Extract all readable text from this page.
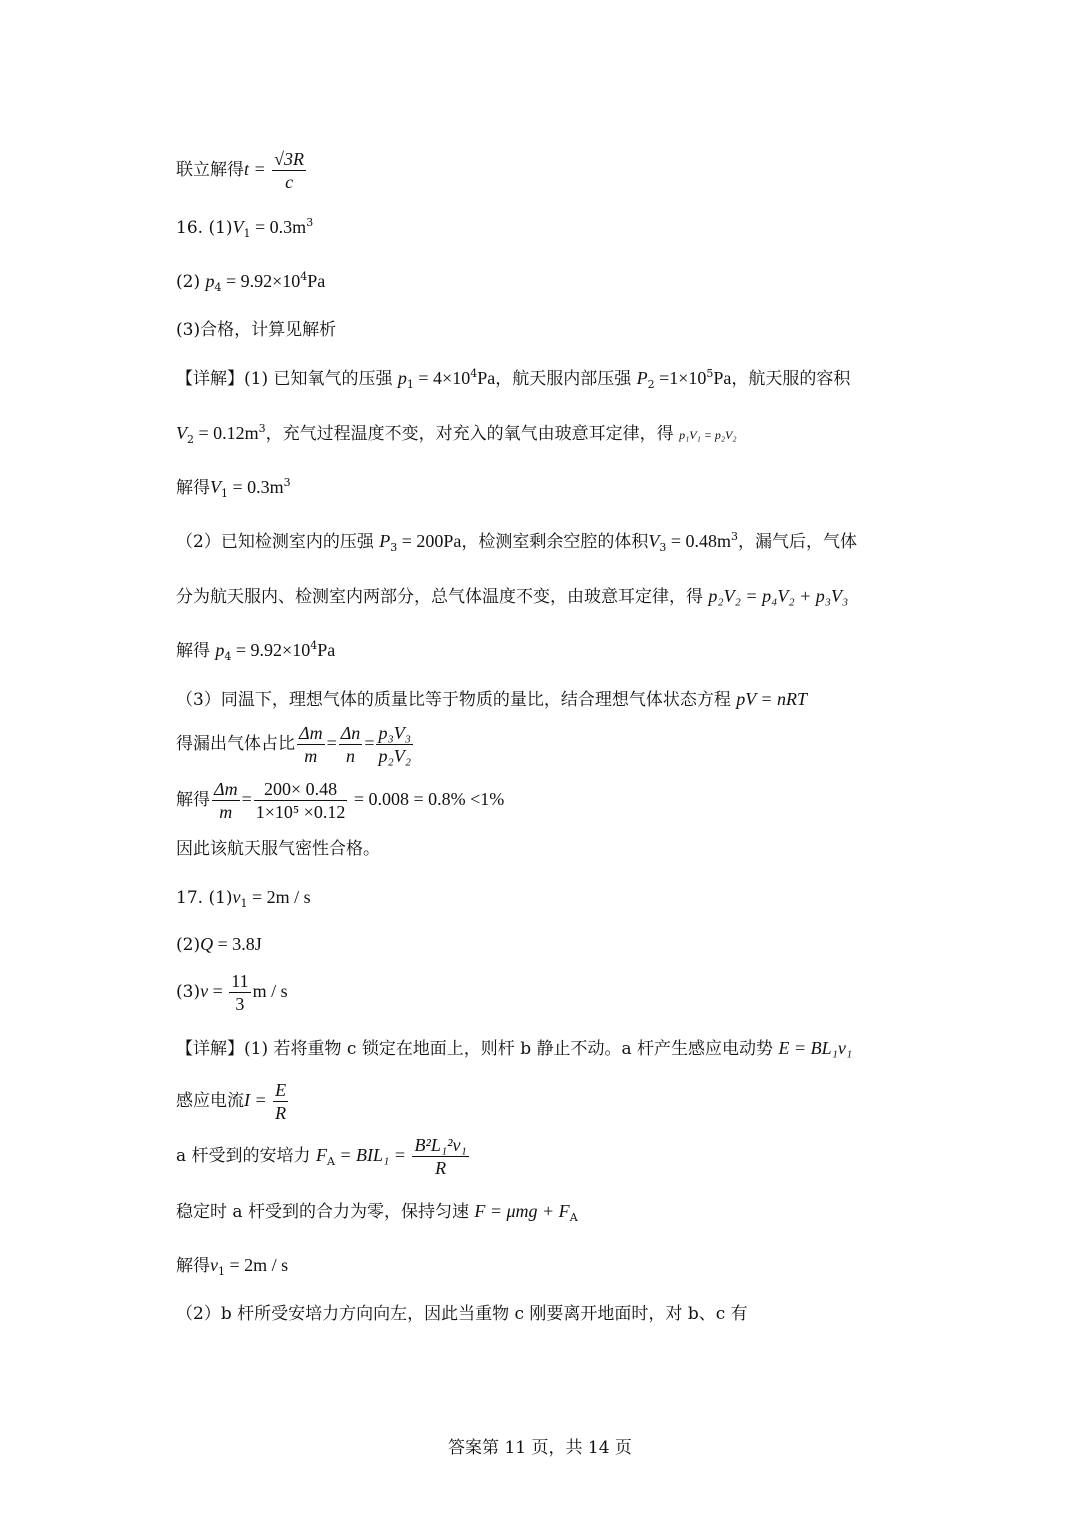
联立解得$t = \frac{√3R}{c}$
16. $(1)V_1 = 0.3m^3$
(2) $p_4 = 9.92\times 10^4Pa$
(3)合格，计算见解析
【详解】(1) 已知氧气的压强 $p_1 = 4\times 10^4Pa$，航天服内部压强 $P_2 =1\times 10^5Pa$，航天服的容积
$V_2 = 0.12m^3$，充气过程温度不变，对充入的氧气由玻意耳定律，得 p₁V₁ = p₂V₂
解得$V_1 = 0.3m^3$
（2）已知检测室内的压强 $P_3 = 200Pa$，检测室剩余空腔的体积$V_3 = 0.48m^3$，漏气后，气体
分为航天服内、检测室内两部分，总气体温度不变，由玻意耳定律，得 p₂V₂ = p₄V₂ + p₃V₃
解得 $p_4 = 9.92\times 10^4Pa$
（3）同温下，理想气体的质量比等于物质的量比，结合理想气体状态方程 pV = nRT
得漏出气体占比 $\frac{\Delta m}{m} = \frac{\Delta n}{n} = \frac{\text{p₃V₃}}{\text{p₂V₂}}$
解得 $\frac{\Delta m}{m} = \frac{200\times 0.48}{\text{1×10⁵ ×0.12}} = 0.008 = 0.8\% <1\%$
因此该航天服气密性合格。
17. $(1)v_1 = 2m / s$
(2)Q = 3.8J
$(3)v = \frac{11}{3}$ m / s
【详解】(1) 若将重物 c 锁定在地面上，则杆 b 静止不动。a 杆产生感应电动势 E = BL₁v₁
感应电流$I = \frac{E}{R}$
a 杆受到的安培力 $F_A = BIL_1 = \frac{\text{B²L₁²v₁}}{R}$
稳定时 a 杆受到的合力为零，保持匀速 $F = \mu mg + F_A$
解得$v_1 = 2m / s$
（2）b 杆所受安培力方向向左，因此当重物 c 刚要离开地面时，对 b、c 有
答案第 11 页，共 14 页
